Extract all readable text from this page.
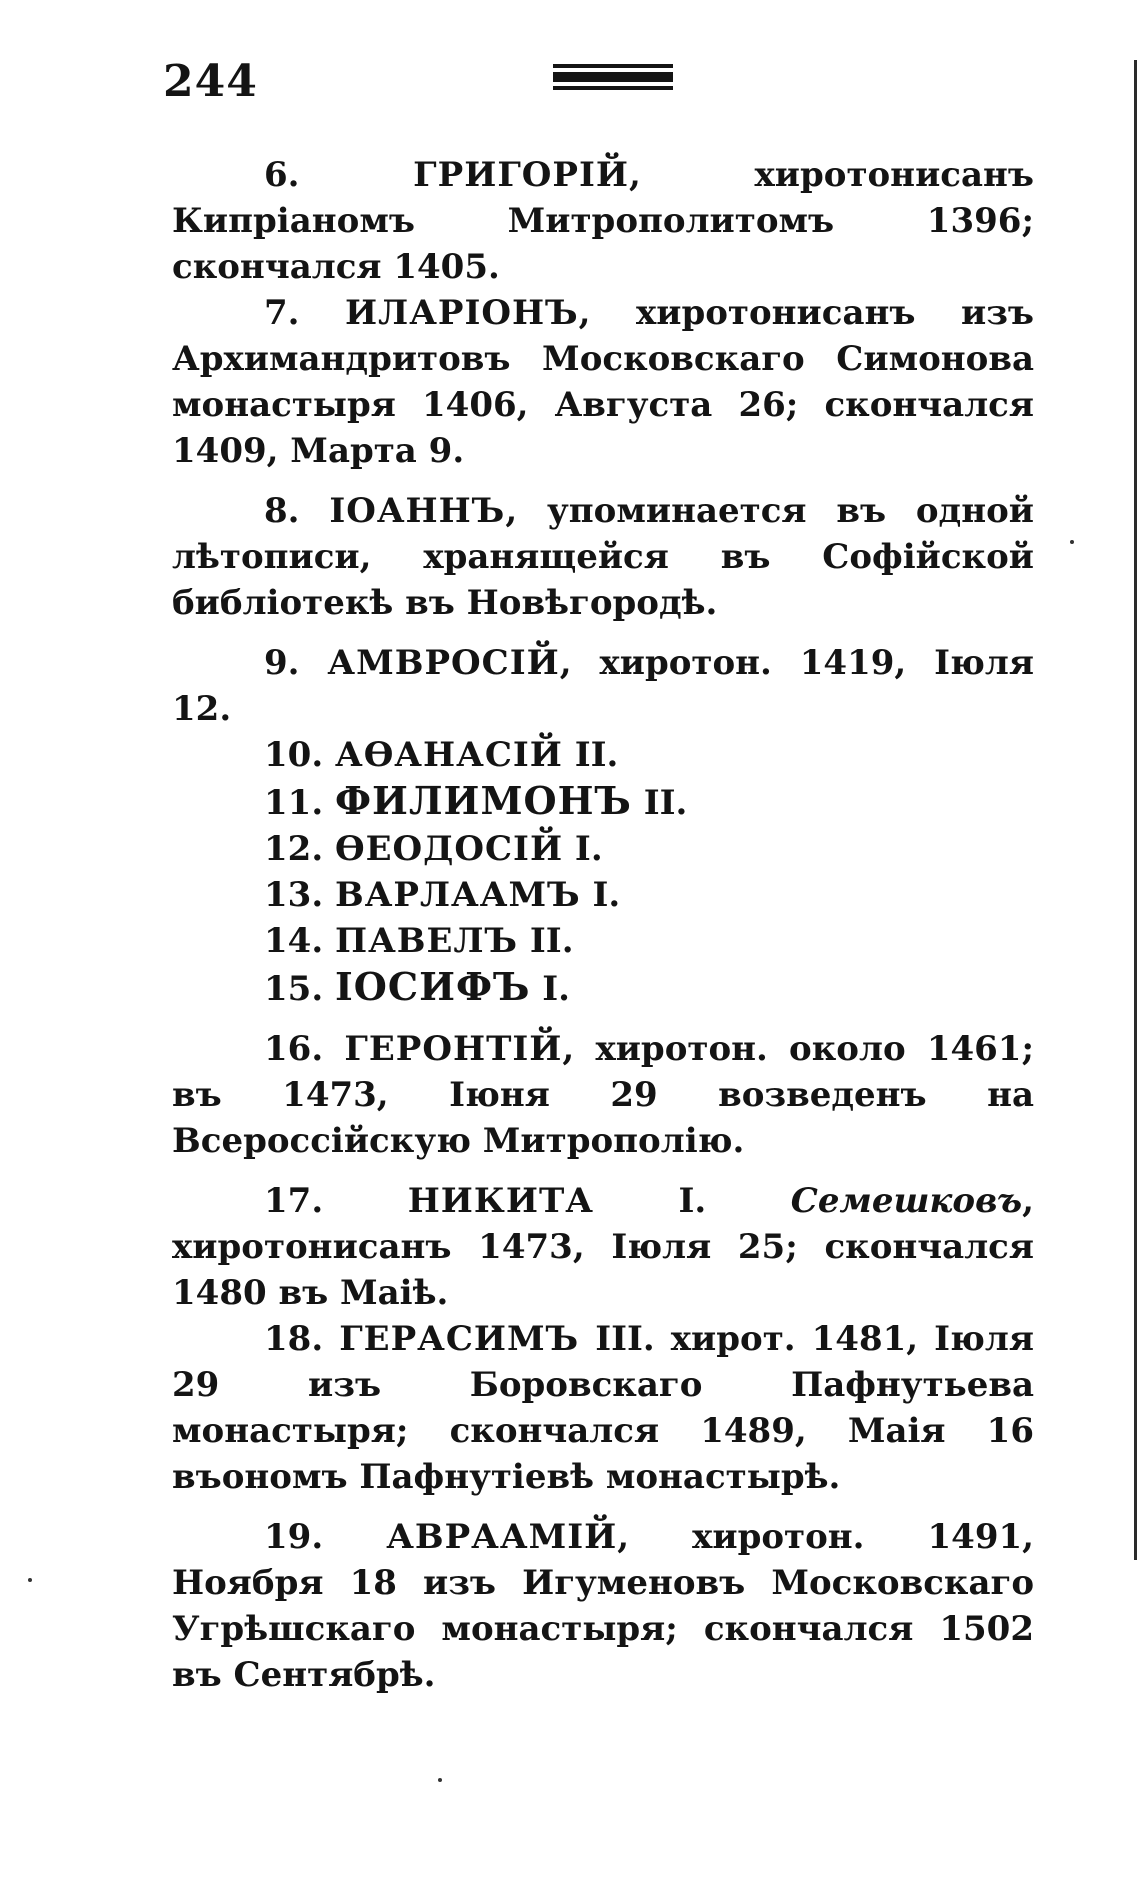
244

6.	ГРИГОРІЙ, хиротонисанъ Кипріаномъ Митрополитомъ 1396; скончался 1405.

7. ИЛАРІОНЪ, хиротонисанъ изъ Архимандритовъ Московскаго Симонова монастыря 1406, Августа 26; скончался 1409, Марта 9.

8. ІОАННЪ, упоминается въ одной лѣтописи, хранящейся въ Софійской библіотекѣ въ Новѣгородѣ.

9. АМВРОСІЙ, хиротон. 1419, Іюля 12.

10. АѲАНАСІЙ II.

11. ФИЛИМОНЪ II.

12. ѲЕОДОСІЙ I.

13. ВАРЛААМЪ I.

14. ПАВЕЛЪ II.

15. ІОСИФЪ I.

16. ГЕРОНТІЙ, хиротон. около 1461; въ 1473, Іюня 29 возведенъ на Всероссійскую Митрополію.

17. НИКИТА I. Семешковъ, хиротонисанъ 1473, Іюля 25; скончался 1480 въ Маіѣ.

18. ГЕРАСИМЪ III. хирот. 1481, Іюля 29 изъ Боровскаго Пафнутьева монастыря; скончался 1489, Маія 16 въономъ Пафнутіевѣ монастырѣ.

19. АВРААМІЙ, хиротон. 1491, Ноября 18 изъ Игуменовъ Московскаго Угрѣшскаго монастыря; скончался 1502 въ Сентябрѣ.
